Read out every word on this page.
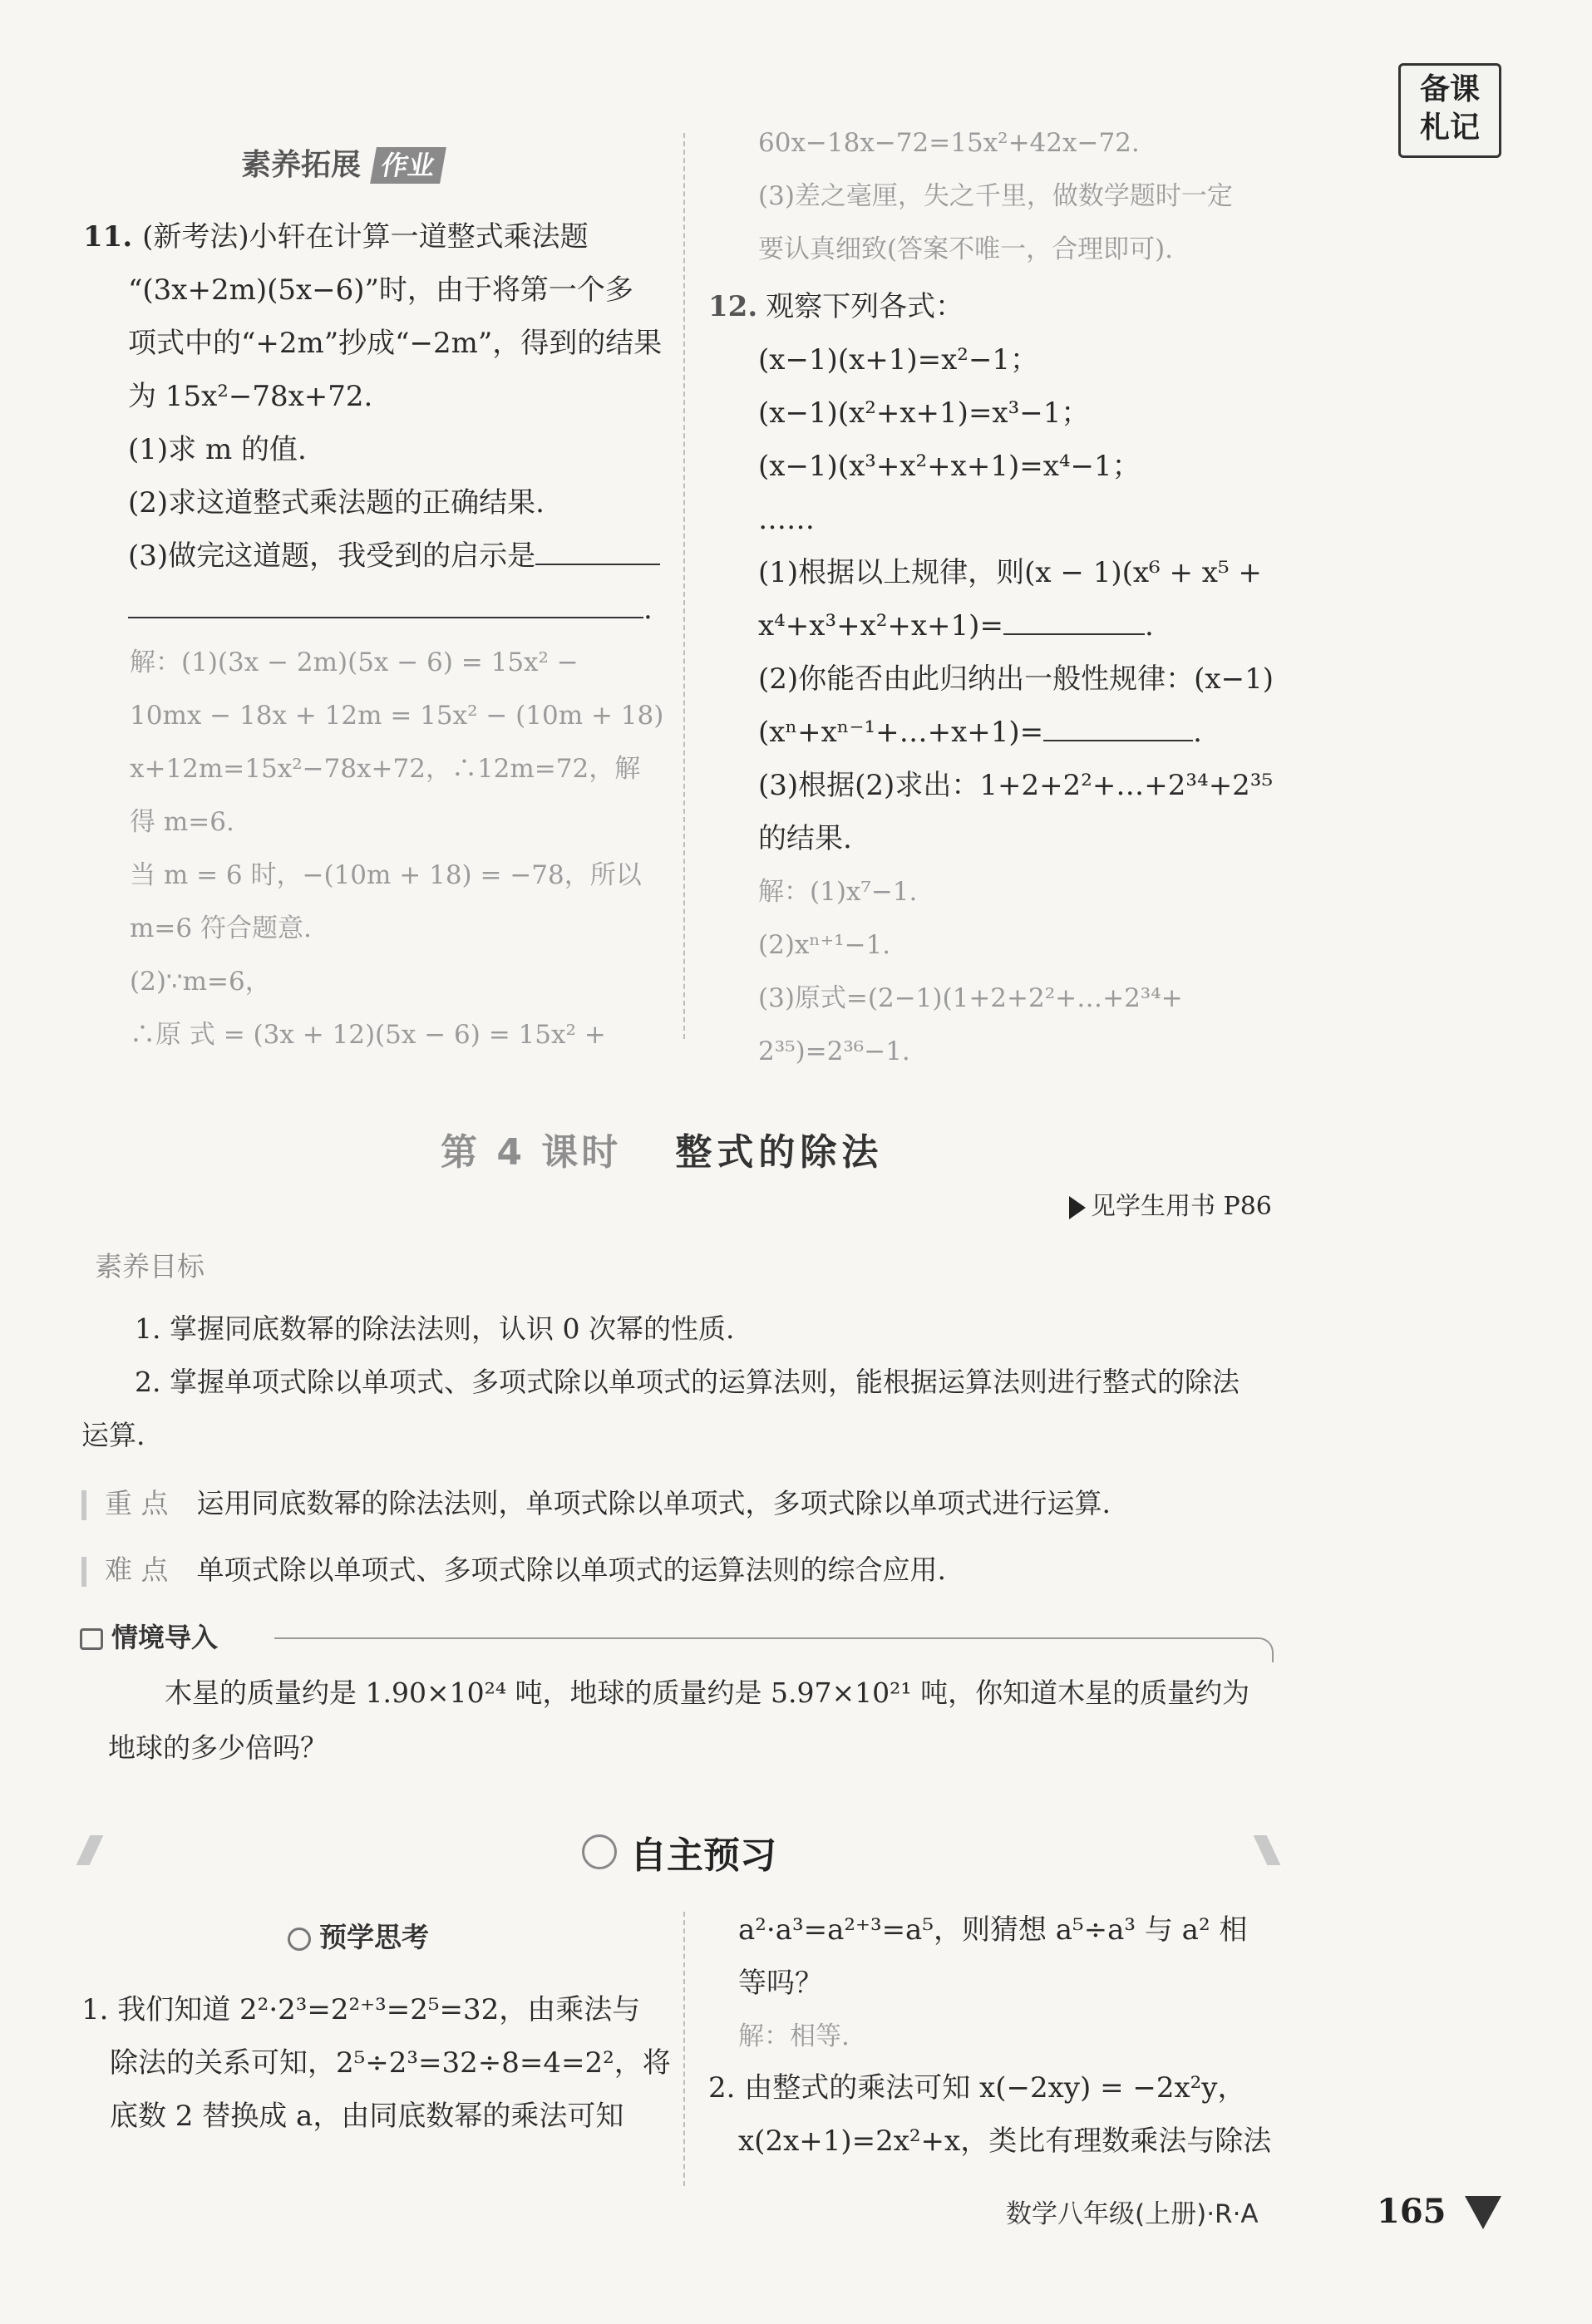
备课
札记
素养拓展 作业
11. (新考法)小轩在计算一道整式乘法题
“(3x+2m)(5x−6)”时，由于将第一个多
项式中的“+2m”抄成“−2m”，得到的结果
为 15x²−78x+72.
(1)求 m 的值.
(2)求这道整式乘法题的正确结果.
(3)做完这道题，我受到的启示是
.
解：(1)(3x − 2m)(5x − 6) = 15x² −
10mx − 18x + 12m = 15x² − (10m + 18)
x+12m=15x²−78x+72，∴12m=72，解
得 m=6.
当 m = 6 时，−(10m + 18) = −78，所以
m=6 符合题意.
(2)∵m=6，
∴原 式 = (3x + 12)(5x − 6) = 15x² +
60x−18x−72=15x²+42x−72.
(3)差之毫厘，失之千里，做数学题时一定
要认真细致(答案不唯一，合理即可).
12. 观察下列各式：
(x−1)(x+1)=x²−1；
(x−1)(x²+x+1)=x³−1；
(x−1)(x³+x²+x+1)=x⁴−1；
……
(1)根据以上规律，则(x − 1)(x⁶ + x⁵ +
x⁴+x³+x²+x+1)=	.
(2)你能否由此归纳出一般性规律：(x−1)
(xⁿ+xⁿ⁻¹+…+x+1)=	.
(3)根据(2)求出：1+2+2²+…+2³⁴+2³⁵
的结果.
解：(1)x⁷−1.
(2)xⁿ⁺¹−1.
(3)原式=(2−1)(1+2+2²+…+2³⁴+
2³⁵)=2³⁶−1.
第 4 课时 整式的除法
见学生用书 P86
素养目标
1. 掌握同底数幂的除法法则，认识 0 次幂的性质.
2. 掌握单项式除以单项式、多项式除以单项式的运算法则，能根据运算法则进行整式的除法
运算.
重 点 运用同底数幂的除法法则，单项式除以单项式，多项式除以单项式进行运算.
难 点 单项式除以单项式、多项式除以单项式的运算法则的综合应用.
情境导入
木星的质量约是 1.90×10²⁴ 吨，地球的质量约是 5.97×10²¹ 吨，你知道木星的质量约为
地球的多少倍吗？
自主预习
预学思考
1. 我们知道 2²·2³=2²⁺³=2⁵=32，由乘法与
除法的关系可知，2⁵÷2³=32÷8=4=2²，将
底数 2 替换成 a，由同底数幂的乘法可知
a²·a³=a²⁺³=a⁵，则猜想 a⁵÷a³ 与 a² 相
等吗？
解：相等.
2. 由整式的乘法可知 x(−2xy) = −2x²y，
x(2x+1)=2x²+x，类比有理数乘法与除法
数学八年级(上册)·R·A	165
